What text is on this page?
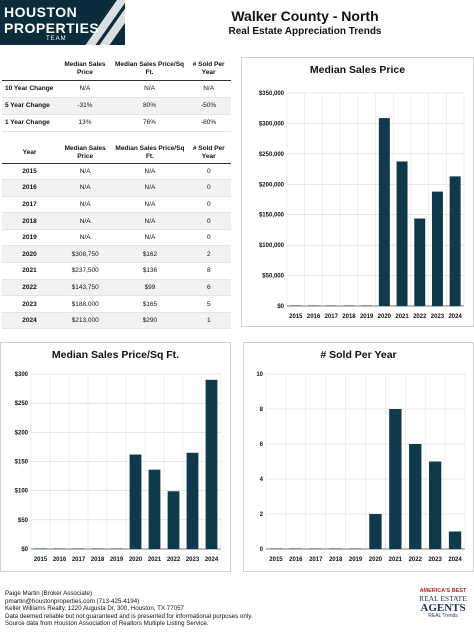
HOUSTON
PROPERTIES
TEAM
Walker County - North
Real Estate Appreciation Trends
	Median Sales Price	Median Sales Price/Sq Ft.	# Sold Per Year
10 Year Change	N/A	N/A	N/A
5 Year Change	-31%	80%	-50%
1 Year Change	13%	76%	-80%
Year	Median Sales Price	Median Sales Price/Sq Ft.	# Sold Per Year
2015	N/A	N/A	0
2016	N/A	N/A	0
2017	N/A	N/A	0
2018	N/A	N/A	0
2019	N/A	N/A	0
2020	$308,750	$162	2
2021	$237,500	$136	8
2022	$143,750	$99	6
2023	$188,000	$165	5
2024	$213,000	$290	1
$0
$50,000
$100,000
$150,000
$200,000
$250,000
$300,000
$350,000
2015 2016 2017 2018 2019 2020 2021 2022 2023 2024
Median Sales Price
$0
$50
$100
$150
$200
$250
$300
2015 2016 2017 2018 2019 2020 2021 2022 2023 2024
Median Sales Price/Sq Ft.
0
2
4
6
8
10
2015 2016 2017 2018 2019 2020 2021 2022 2023 2024
# Sold Per Year
Paige Martin (Broker Associate)
pmartin@houstonproperties.com (713-425-4194)
Keller Williams Realty, 1220 Augusta Dr, 300, Houston, TX 77057
Data deemed reliable but not guaranteed and is presented for informational purposes only.
Source data from Houston Association of Realtors Multiple Listing Service.
AMERICA'S BEST
REAL ESTATE
AGENTS
REAL Trends
